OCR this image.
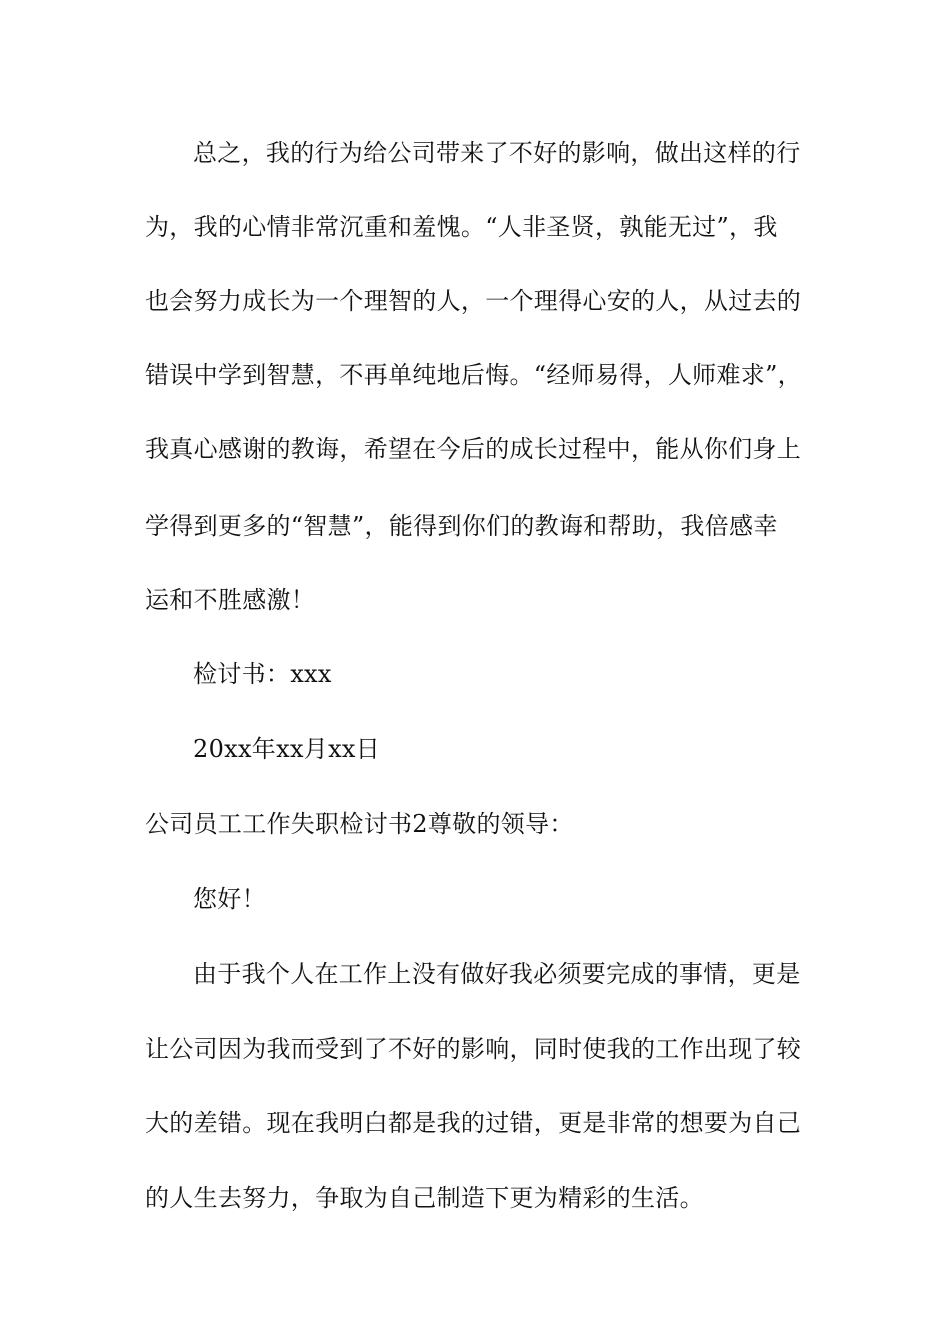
总之，我的行为给公司带来了不好的影响，做出这样的行
为，我的心情非常沉重和羞愧。“人非圣贤，孰能无过”，我
也会努力成长为一个理智的人，一个理得心安的人，从过去的
错误中学到智慧，不再单纯地后悔。“经师易得，人师难求”，
我真心感谢的教诲，希望在今后的成长过程中，能从你们身上
学得到更多的“智慧”，能得到你们的教诲和帮助，我倍感幸
运和不胜感激！
检讨书：xxx
20xx年xx月xx日
公司员工工作失职检讨书2尊敬的领导：
您好！
由于我个人在工作上没有做好我必须要完成的事情，更是
让公司因为我而受到了不好的影响，同时使我的工作出现了较
大的差错。现在我明白都是我的过错，更是非常的想要为自己
的人生去努力，争取为自己制造下更为精彩的生活。
